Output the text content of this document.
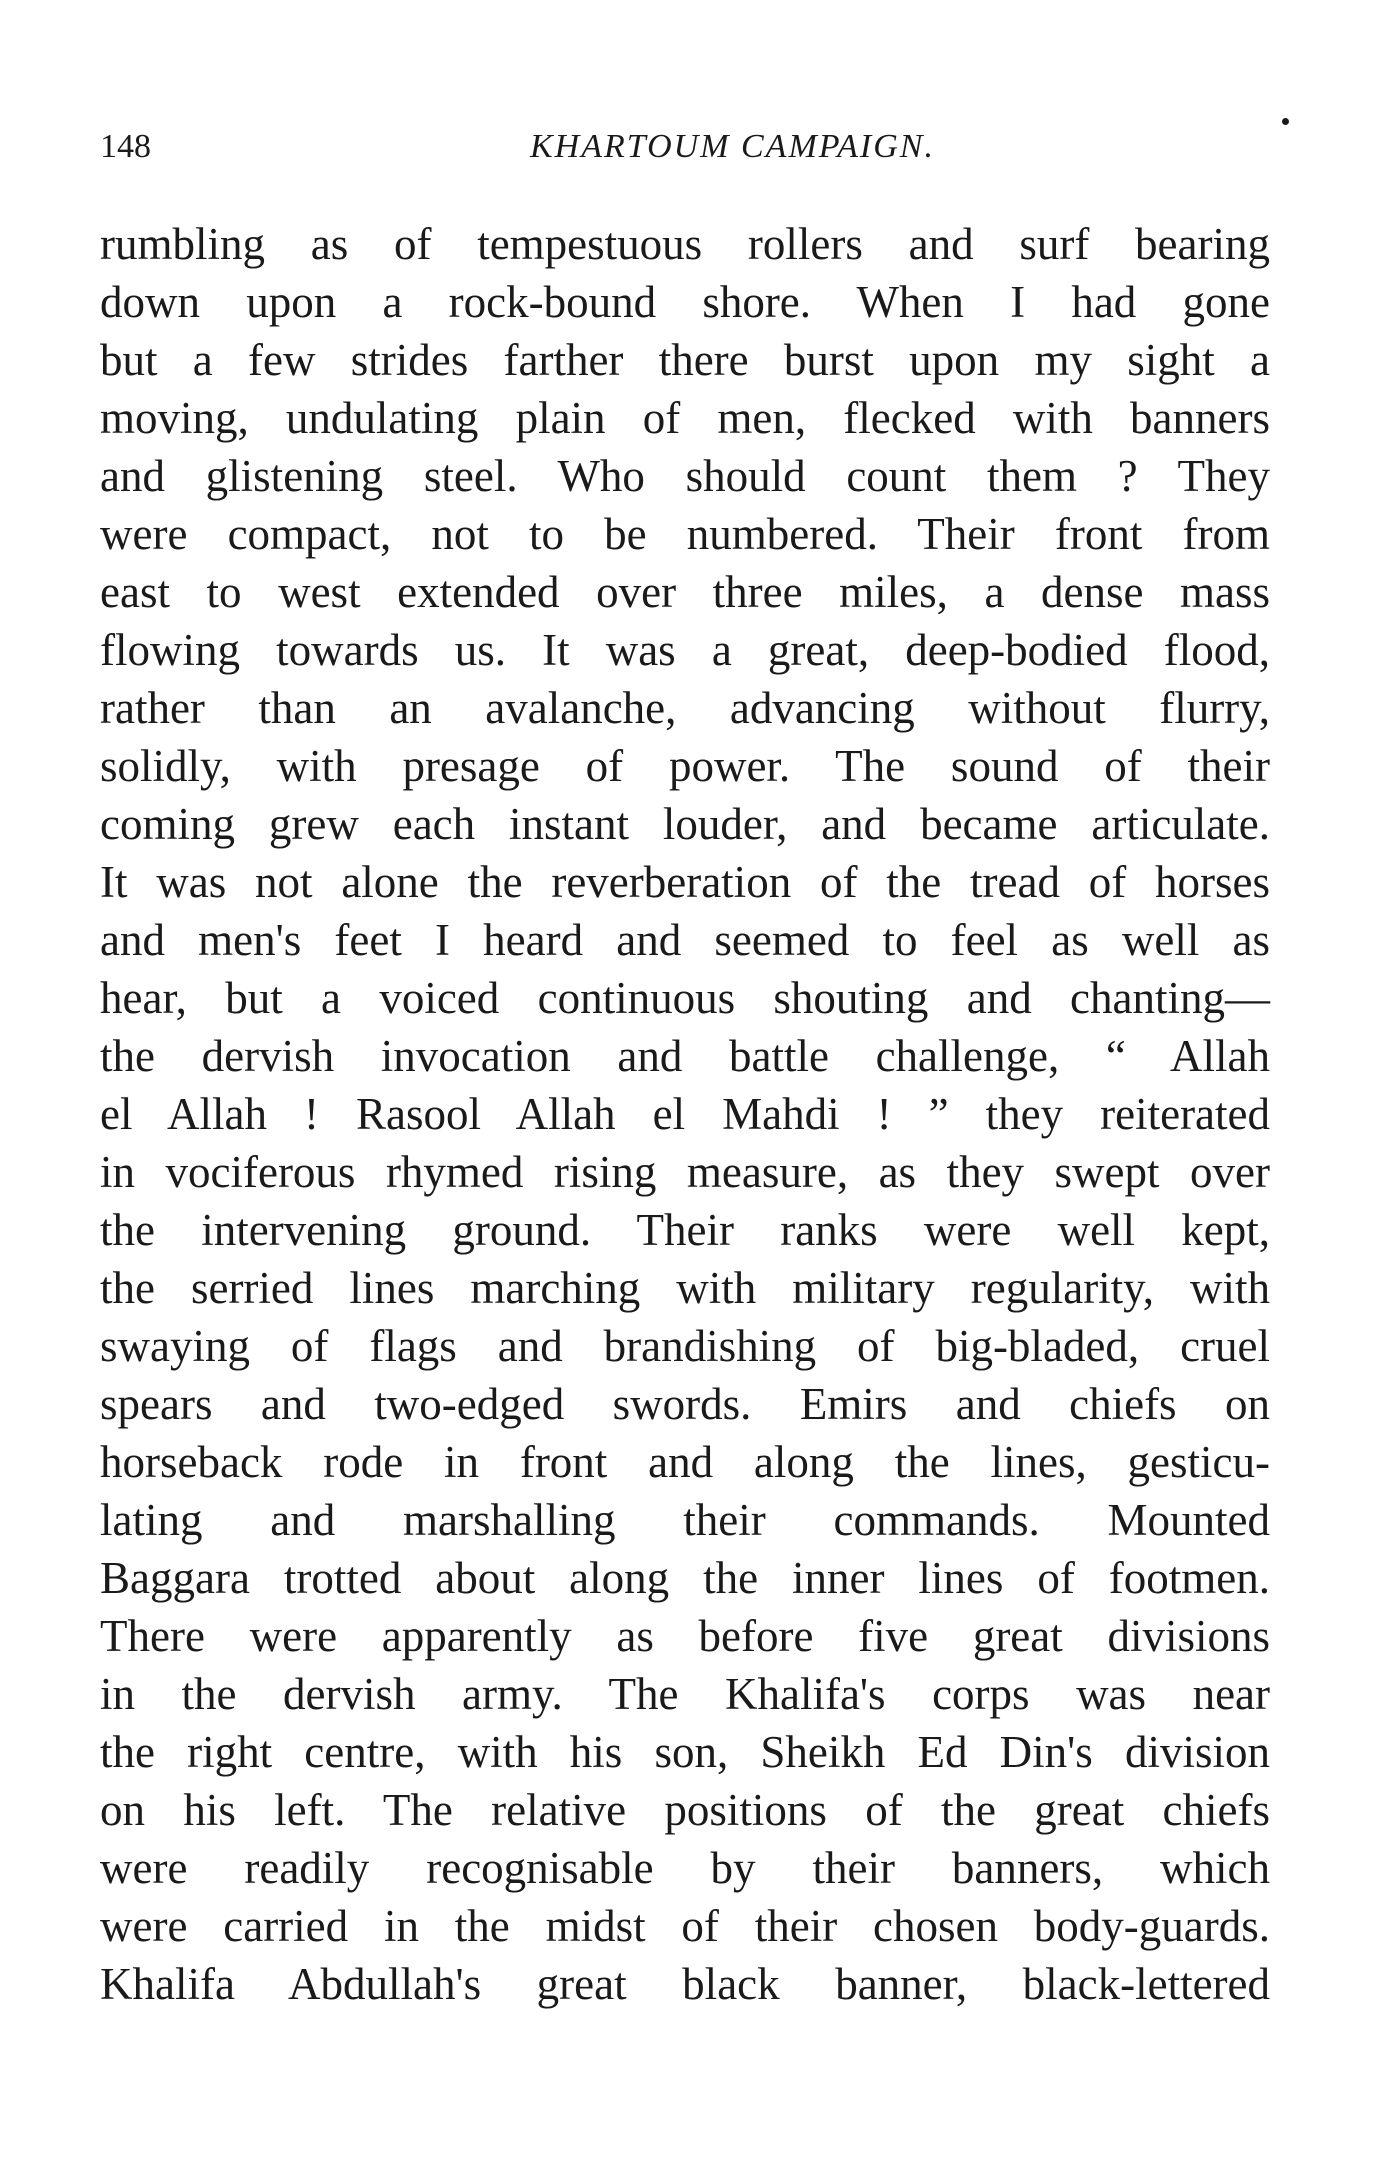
148	KHARTOUM CAMPAIGN.
rumbling as of tempestuous rollers and surf bearing
down upon a rock-bound shore. When I had gone
but a few strides farther there burst upon my sight a
moving, undulating plain of men, flecked with banners
and glistening steel. Who should count them ? They
were compact, not to be numbered. Their front from
east to west extended over three miles, a dense mass
flowing towards us. It was a great, deep-bodied flood,
rather than an avalanche, advancing without flurry,
solidly, with presage of power. The sound of their
coming grew each instant louder, and became articulate.
It was not alone the reverberation of the tread of horses
and men's feet I heard and seemed to feel as well as
hear, but a voiced continuous shouting and chanting—
the dervish invocation and battle challenge, “ Allah
el Allah ! Rasool Allah el Mahdi ! ” they reiterated
in vociferous rhymed rising measure, as they swept over
the intervening ground. Their ranks were well kept,
the serried lines marching with military regularity, with
swaying of flags and brandishing of big-bladed, cruel
spears and two-edged swords. Emirs and chiefs on
horseback rode in front and along the lines, gesticu-
lating and marshalling their commands. Mounted
Baggara trotted about along the inner lines of footmen.
There were apparently as before five great divisions
in the dervish army. The Khalifa's corps was near
the right centre, with his son, Sheikh Ed Din's division
on his left. The relative positions of the great chiefs
were readily recognisable by their banners, which
were carried in the midst of their chosen body-guards.
Khalifa Abdullah's great black banner, black-lettered
